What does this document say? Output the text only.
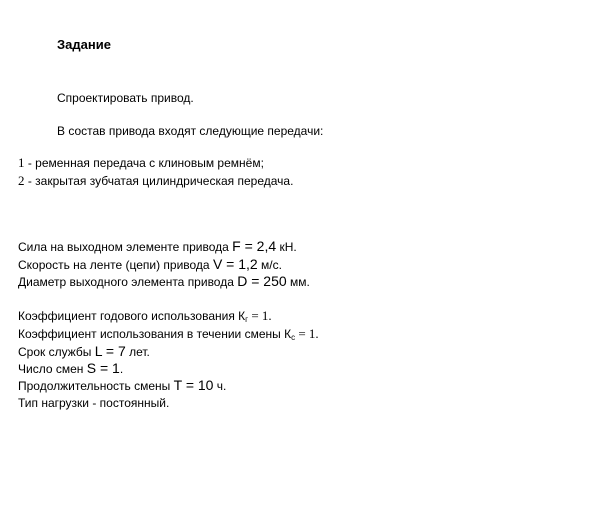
Задание
Спроектировать привод.
В состав привода входят следующие передачи:
1 - ременная передача с клиновым ремнём;
2 - закрытая зубчатая цилиндрическая передача.
Сила на выходном элементе привода F = 2,4 кН.
Скорость на ленте (цепи) привода V = 1,2 м/с.
Диаметр выходного элемента привода D = 250 мм.
Коэффициент годового использования $К_г = 1$.
Коэффициент использования в течении смены $К_с = 1$.
Срок службы L = 7 лет.
Число смен S = 1.
Продолжительность смены T = 10 ч.
Тип нагрузки - постоянный.
